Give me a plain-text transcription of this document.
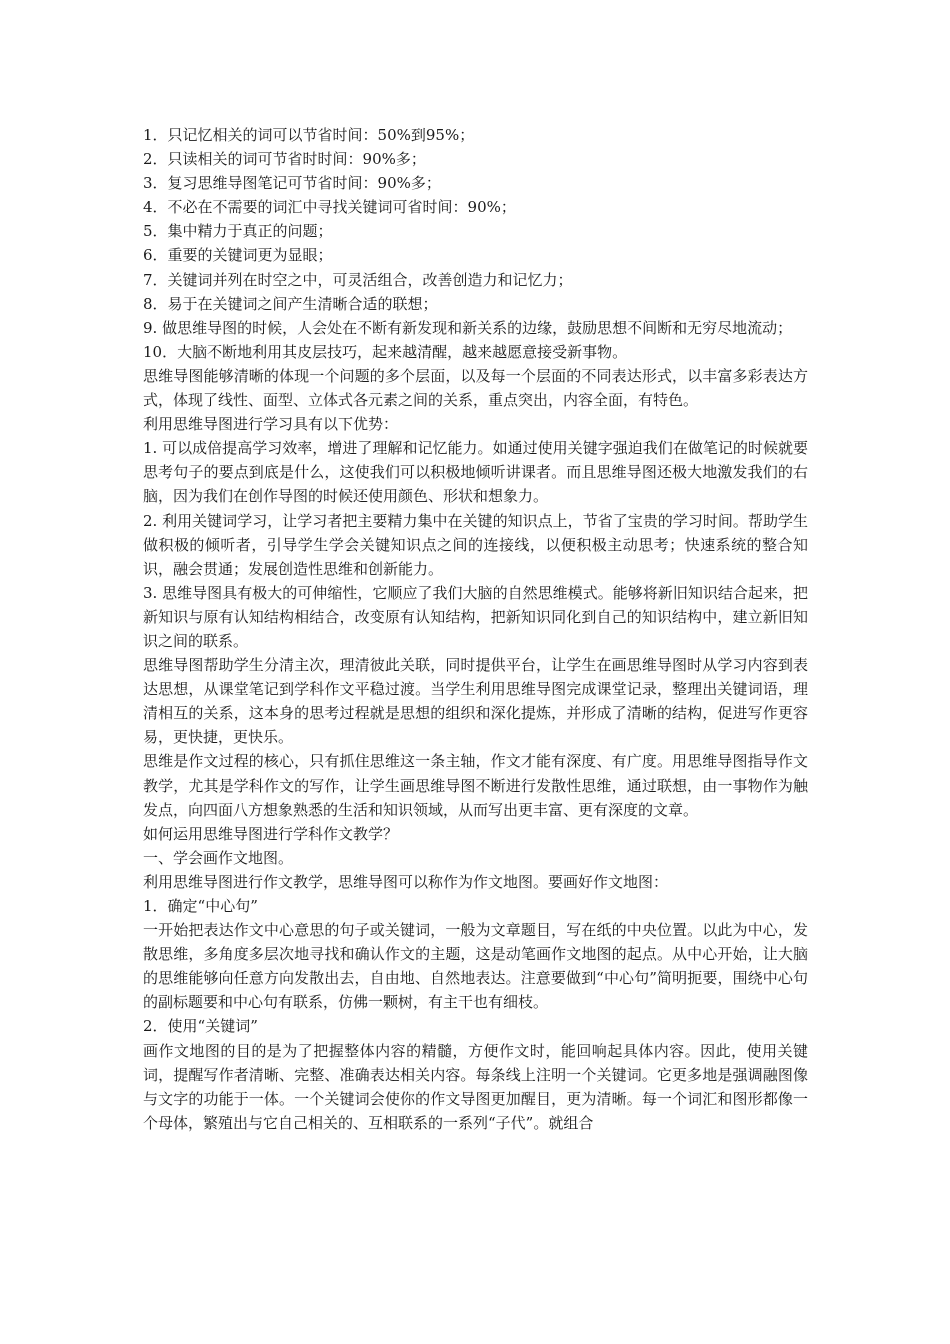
1．只记忆相关的词可以节省时间：50%到95%；

2．只读相关的词可节省时时间：90%多；

3．复习思维导图笔记可节省时间：90%多；

4．不必在不需要的词汇中寻找关键词可省时间：90%；

5．集中精力于真正的问题；

6．重要的关键词更为显眼；

7．关键词并列在时空之中，可灵活组合，改善创造力和记忆力；

8．易于在关键词之间产生清晰合适的联想；

9. 做思维导图的时候，人会处在不断有新发现和新关系的边缘，鼓励思想不间断和无穷尽地流动；

10．大脑不断地利用其皮层技巧，起来越清醒，越来越愿意接受新事物。

思维导图能够清晰的体现一个问题的多个层面，以及每一个层面的不同表达形式，以丰富多彩表达方式，体现了线性、面型、立体式各元素之间的关系，重点突出，内容全面，有特色。

利用思维导图进行学习具有以下优势：

1. 可以成倍提高学习效率，增进了理解和记忆能力。如通过使用关键字强迫我们在做笔记的时候就要思考句子的要点到底是什么，这使我们可以积极地倾听讲课者。而且思维导图还极大地激发我们的右脑，因为我们在创作导图的时候还使用颜色、形状和想象力。

2. 利用关键词学习，让学习者把主要精力集中在关键的知识点上，节省了宝贵的学习时间。帮助学生做积极的倾听者，引导学生学会关键知识点之间的连接线，以便积极主动思考；快速系统的整合知识，融会贯通；发展创造性思维和创新能力。

3. 思维导图具有极大的可伸缩性，它顺应了我们大脑的自然思维模式。能够将新旧知识结合起来，把新知识与原有认知结构相结合，改变原有认知结构，把新知识同化到自己的知识结构中，建立新旧知识之间的联系。

思维导图帮助学生分清主次，理清彼此关联，同时提供平台，让学生在画思维导图时从学习内容到表达思想，从课堂笔记到学科作文平稳过渡。当学生利用思维导图完成课堂记录，整理出关键词语，理清相互的关系，这本身的思考过程就是思想的组织和深化提炼，并形成了清晰的结构，促进写作更容易，更快捷，更快乐。

思维是作文过程的核心，只有抓住思维这一条主轴，作文才能有深度、有广度。用思维导图指导作文教学，尤其是学科作文的写作，让学生画思维导图不断进行发散性思维，通过联想，由一事物作为触发点，向四面八方想象熟悉的生活和知识领域，从而写出更丰富、更有深度的文章。

如何运用思维导图进行学科作文教学？

一、学会画作文地图。

利用思维导图进行作文教学，思维导图可以称作为作文地图。要画好作文地图：

1．确定“中心句”

一开始把表达作文中心意思的句子或关键词，一般为文章题目，写在纸的中央位置。以此为中心，发散思维，多角度多层次地寻找和确认作文的主题，这是动笔画作文地图的起点。从中心开始，让大脑的思维能够向任意方向发散出去，自由地、自然地表达。注意要做到“中心句”简明扼要，围绕中心句的副标题要和中心句有联系，仿佛一颗树，有主干也有细枝。

2．使用“关键词”

画作文地图的目的是为了把握整体内容的精髓，方便作文时，能回响起具体内容。因此，使用关键词，提醒写作者清晰、完整、准确表达相关内容。每条线上注明一个关键词。它更多地是强调融图像与文字的功能于一体。一个关键词会使你的作文导图更加醒目，更为清晰。每一个词汇和图形都像一个母体，繁殖出与它自己相关的、互相联系的一系列“子代”。就组合
